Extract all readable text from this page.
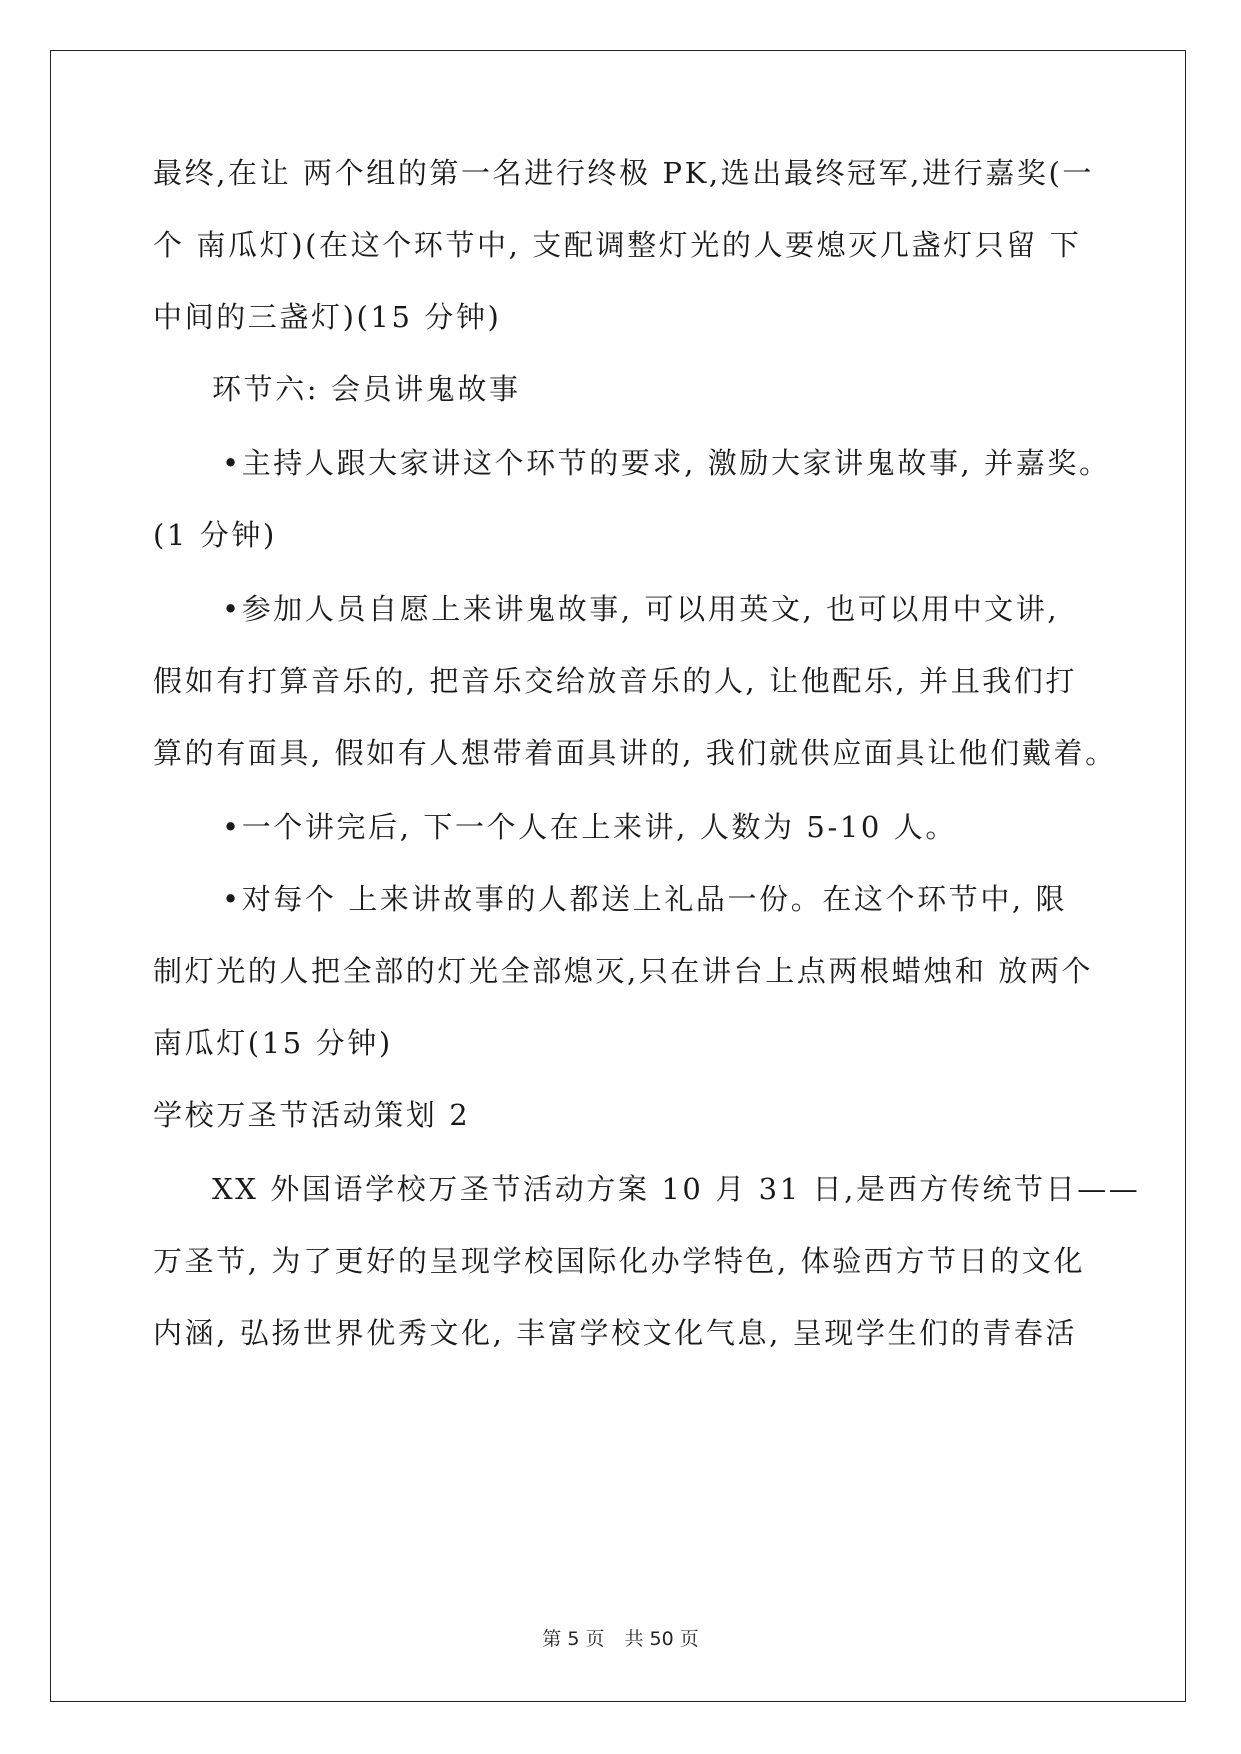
最终,在让 两个组的第一名进行终极 PK,选出最终冠军,进行嘉奖(一
个 南瓜灯)(在这个环节中, 支配调整灯光的人要熄灭几盏灯只留 下
中间的三盏灯)(15 分钟)
环节六: 会员讲鬼故事
•主持人跟大家讲这个环节的要求, 激励大家讲鬼故事, 并嘉奖。
(1 分钟)
•参加人员自愿上来讲鬼故事, 可以用英文, 也可以用中文讲,
假如有打算音乐的, 把音乐交给放音乐的人, 让他配乐, 并且我们打
算的有面具, 假如有人想带着面具讲的, 我们就供应面具让他们戴着。
•一个讲完后, 下一个人在上来讲, 人数为 5-10 人。
•对每个 上来讲故事的人都送上礼品一份。在这个环节中, 限
制灯光的人把全部的灯光全部熄灭,只在讲台上点两根蜡烛和 放两个
南瓜灯(15 分钟)
学校万圣节活动策划 2
XX 外国语学校万圣节活动方案 10 月 31 日,是西方传统节日——
万圣节, 为了更好的呈现学校国际化办学特色, 体验西方节日的文化
内涵, 弘扬世界优秀文化, 丰富学校文化气息, 呈现学生们的青春活
第 5 页 共 50 页
